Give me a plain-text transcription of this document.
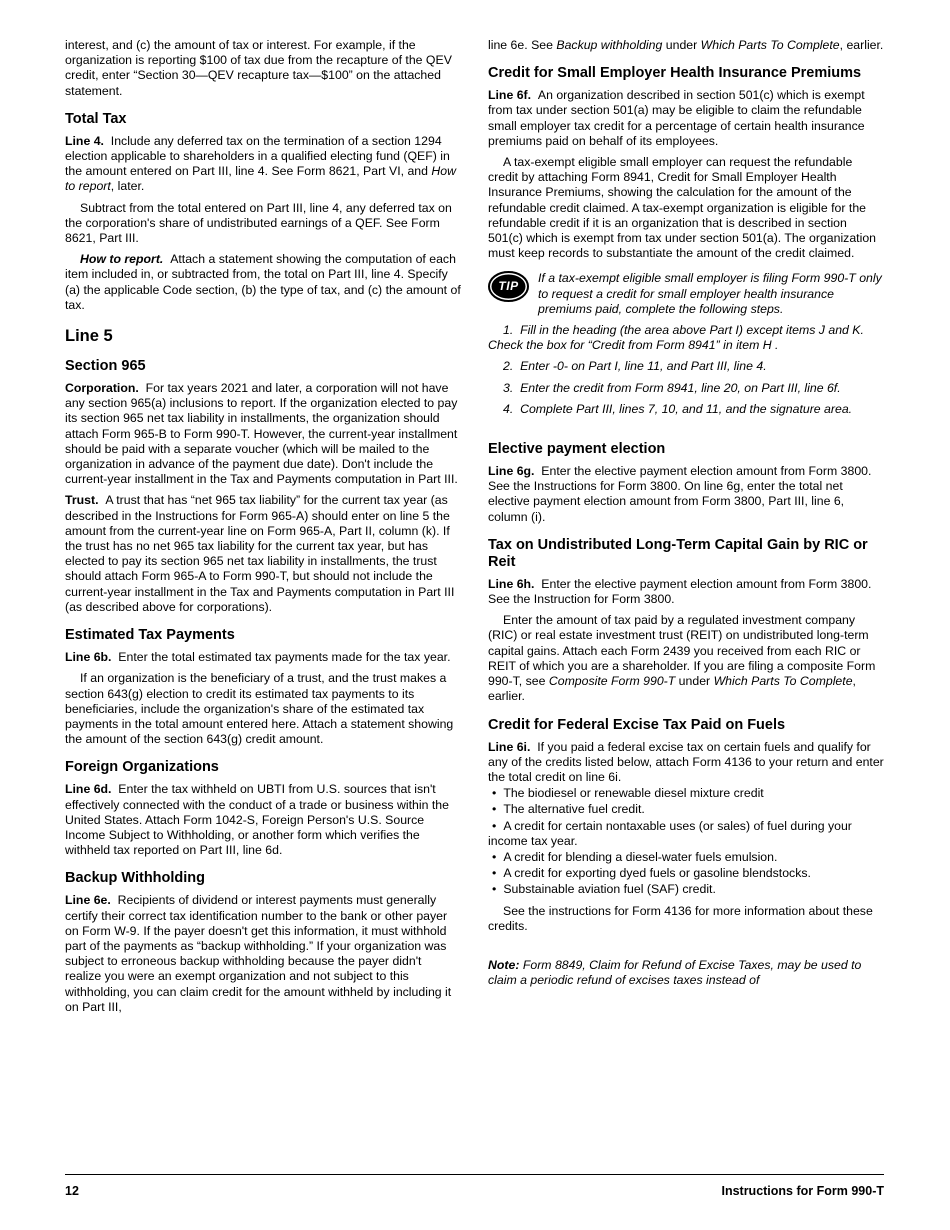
interest, and (c) the amount of tax or interest. For example, if the organization is reporting $100 of tax due from the recapture of the QEV credit, enter “Section 30—QEV recapture tax—$100” on the attached statement.

Total Tax

Line 4.  Include any deferred tax on the termination of a section 1294 election applicable to shareholders in a qualified electing fund (QEF) in the amount entered on Part III, line 4. See Form 8621, Part VI, and How to report, later.

Subtract from the total entered on Part III, line 4, any deferred tax on the corporation's share of undistributed earnings of a QEF. See Form 8621, Part III.

How to report.  Attach a statement showing the computation of each item included in, or subtracted from, the total on Part III, line 4. Specify (a) the applicable Code section, (b) the type of tax, and (c) the amount of tax.

Line 5
Section 965

Corporation.  For tax years 2021 and later, a corporation will not have any section 965(a) inclusions to report. If the organization elected to pay its section 965 net tax liability in installments, the organization should attach Form 965-B to Form 990-T. However, the current-year installment should be paid with a separate voucher (which will be mailed to the organization in advance of the payment due date). Don't include the current-year installment in the Tax and Payments computation in Part III.

Trust.  A trust that has “net 965 tax liability” for the current tax year (as described in the Instructions for Form 965-A) should enter on line 5 the amount from the current-year line on Form 965-A, Part II, column (k). If the trust has no net 965 tax liability for the current tax year, but has elected to pay its section 965 net tax liability in installments, the trust should attach Form 965-A to Form 990-T, but should not include the current-year installment in the Tax and Payments computation in Part III (as described above for corporations).

Estimated Tax Payments

Line 6b.  Enter the total estimated tax payments made for the tax year.

If an organization is the beneficiary of a trust, and the trust makes a section 643(g) election to credit its estimated tax payments to its beneficiaries, include the organization's share of the estimated tax payments in the total amount entered here. Attach a statement showing the amount of the section 643(g) credit amount.

Foreign Organizations

Line 6d.  Enter the tax withheld on UBTI from U.S. sources that isn't effectively connected with the conduct of a trade or business within the United States. Attach Form 1042-S, Foreign Person's U.S. Source Income Subject to Withholding, or another form which verifies the withheld tax reported on Part III, line 6d.

Backup Withholding

Line 6e.  Recipients of dividend or interest payments must generally certify their correct tax identification number to the bank or other payer on Form W-9. If the payer doesn't get this information, it must withhold part of the payments as “backup withholding.” If your organization was subject to erroneous backup withholding because the payer didn't realize you were an exempt organization and not subject to this withholding, you can claim credit for the amount withheld by including it on Part III,

line 6e. See Backup withholding under Which Parts To Complete, earlier.

Credit for Small Employer Health Insurance Premiums

Line 6f.  An organization described in section 501(c) which is exempt from tax under section 501(a) may be eligible to claim the refundable small employer tax credit for a percentage of certain health insurance premiums paid on behalf of its employees.

A tax-exempt eligible small employer can request the refundable credit by attaching Form 8941, Credit for Small Employer Health Insurance Premiums, showing the calculation for the amount of the refundable credit claimed. A tax-exempt organization is eligible for the refundable credit if it is an organization that is described in section 501(c) which is exempt from tax under section 501(a). The organization must keep records to substantiate the amount of the credit claimed.

TIP
If a tax-exempt eligible small employer is filing Form 990-T only to request a credit for small employer health insurance premiums paid, complete the following steps.

1.  Fill in the heading (the area above Part I) except items J and K. Check the box for “Credit from Form 8941” in item H .

2.  Enter -0- on Part I, line 11, and Part III, line 4.

3.  Enter the credit from Form 8941, line 20, on Part III, line 6f.

4.  Complete Part III, lines 7, 10, and 11, and the signature area.

Elective payment election

Line 6g.  Enter the elective payment election amount from Form 3800. See the Instructions for Form 3800. On line 6g, enter the total net elective payment election amount from Form 3800, Part III, line 6, column (i).

Tax on Undistributed Long-Term Capital Gain by RIC or Reit

Line 6h.  Enter the elective payment election amount from Form 3800. See the Instruction for Form 3800.

Enter the amount of tax paid by a regulated investment company (RIC) or real estate investment trust (REIT) on undistributed long-term capital gains. Attach each Form 2439 you received from each RIC or REIT of which you are a shareholder. If you are filing a composite Form 990-T, see Composite Form 990-T under Which Parts To Complete, earlier.

Credit for Federal Excise Tax Paid on Fuels

Line 6i.  If you paid a federal excise tax on certain fuels and qualify for any of the credits listed below, attach Form 4136 to your return and enter the total credit on line 6i.

• The biodiesel or renewable diesel mixture credit
• The alternative fuel credit.
• A credit for certain nontaxable uses (or sales) of fuel during your income tax year.
• A credit for blending a diesel-water fuels emulsion.
• A credit for exporting dyed fuels or gasoline blendstocks.
• Substainable aviation fuel (SAF) credit.

See the instructions for Form 4136 for more information about these credits.

Note: Form 8849, Claim for Refund of Excise Taxes, may be used to claim a periodic refund of excises taxes instead of

12	Instructions for Form 990-T
